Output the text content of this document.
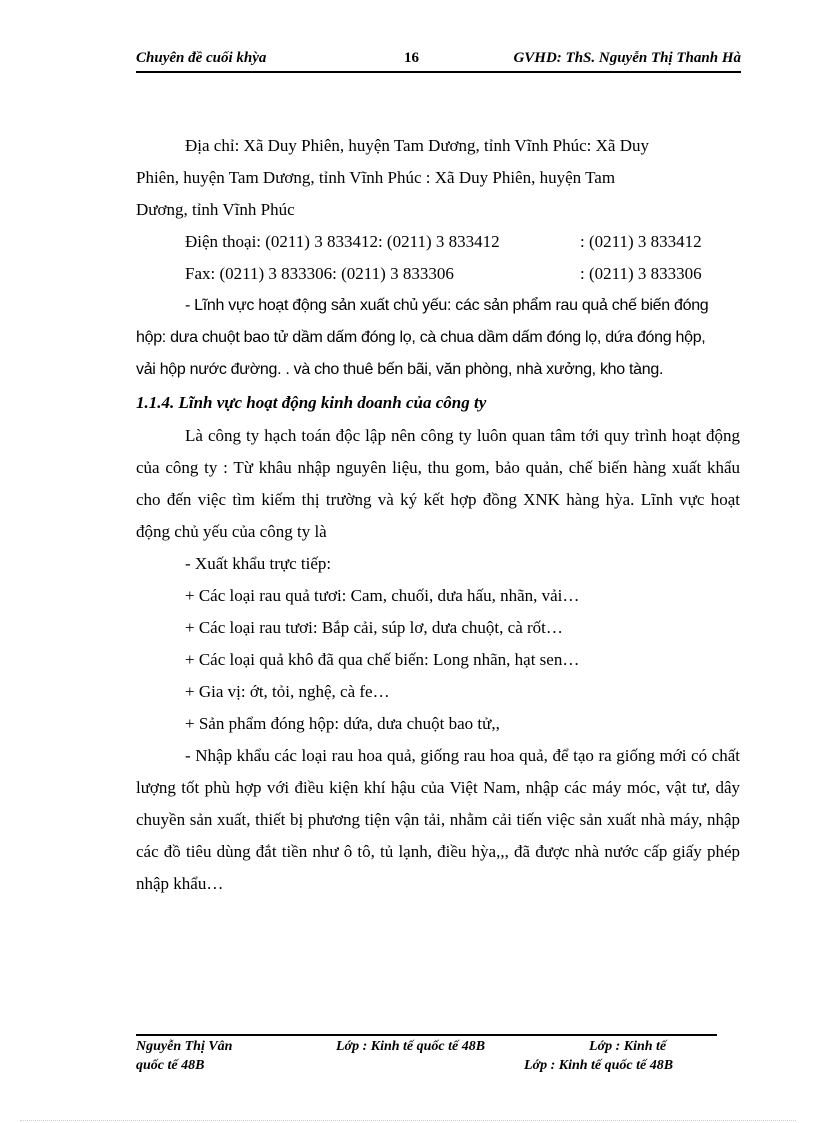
Chuyên đề cuối khỳa	16	GVHD: ThS. Nguyễn Thị Thanh Hà

Địa chỉ: Xã Duy Phiên, huyện Tam Dương, tỉnh Vĩnh Phúc: Xã Duy

Phiên, huyện Tam Dương, tỉnh Vĩnh Phúc : Xã Duy Phiên, huyện Tam

Dương, tỉnh Vĩnh Phúc

Điện thoại: (0211) 3 833412: (0211) 3 833412	: (0211) 3 833412
Fax: (0211) 3 833306: (0211) 3 833306	: (0211) 3 833306

- Lĩnh vực hoạt động sản xuất chủ yếu: các sản phẩm rau quả chế biến đóng

hộp: dưa chuột bao tử dầm dấm đóng lọ, cà chua dầm dấm đóng lọ, dứa đóng hộp,

vải hộp nước đường. . và cho thuê bến bãi, văn phòng, nhà xưởng, kho tàng.

1.1.4. Lĩnh vực hoạt động kinh doanh của công ty

Là công ty hạch toán độc lập nên công ty luôn quan tâm tới quy trình hoạt động của công ty : Từ khâu nhập nguyên liệu, thu gom, bảo quản, chế biến hàng xuất khẩu cho đến việc tìm kiếm thị trường và ký kết hợp đồng XNK hàng hỳa. Lĩnh vực hoạt động chủ yếu của công ty là

- Xuất khẩu trực tiếp:

+ Các loại rau quả tươi: Cam, chuối, dưa hấu, nhãn, vải…

+ Các loại rau tươi: Bắp cải, súp lơ, dưa chuột, cà rốt…

+ Các loại quả khô đã qua chế biến: Long nhãn, hạt sen…

+ Gia vị: ớt, tỏi, nghệ, cà fe…

+ Sản phẩm đóng hộp: dứa, dưa chuột bao tử,,

- Nhập khẩu các loại rau hoa quả, giống rau hoa quả, để tạo ra giống mới có chất lượng tốt phù hợp với điều kiện khí hậu của Việt Nam, nhập các máy móc, vật tư, dây chuyền sản xuất, thiết bị phương tiện vận tải, nhằm cải tiến việc sản xuất nhà máy, nhập các đồ tiêu dùng đắt tiền như ô tô, tủ lạnh, điều hỳa,,, đã được nhà nước cấp giấy phép nhập khẩu…

Nguyễn Thị Vân	Lớp : Kinh tế quốc tế 48B	Lớp : Kinh tế
quốc tế 48B	Lớp : Kinh tế quốc tế 48B
